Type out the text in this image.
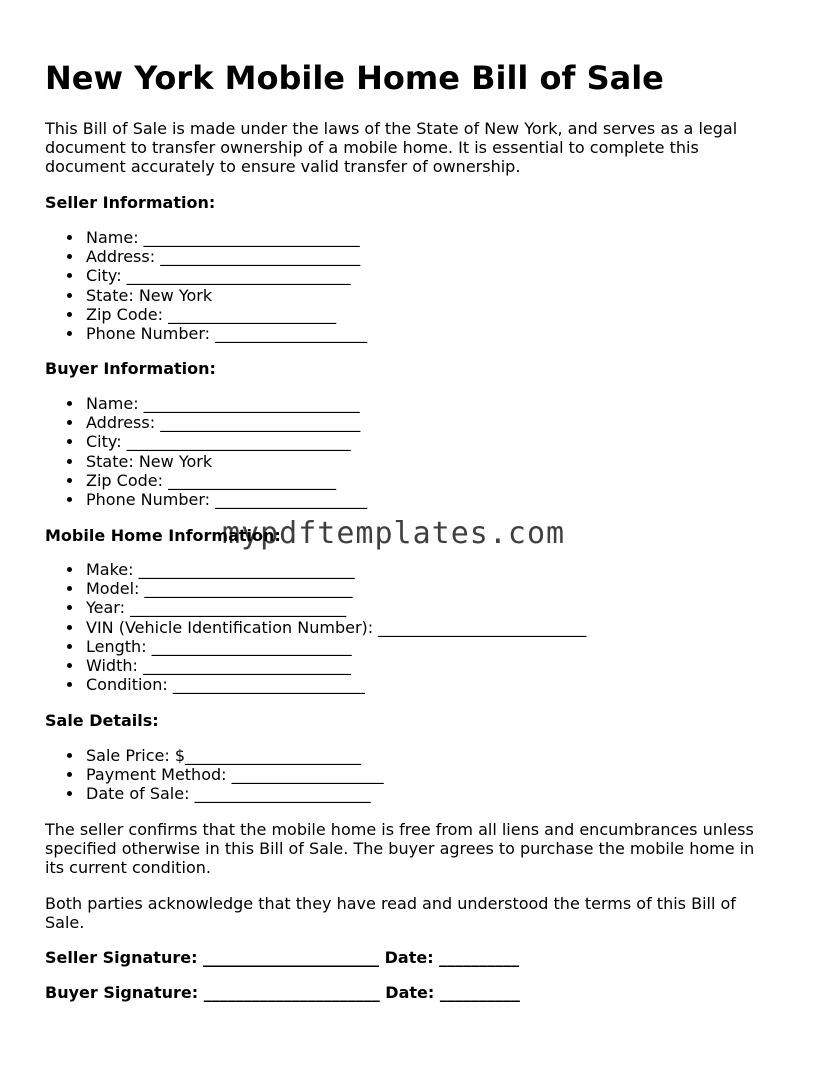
New York Mobile Home Bill of Sale

This Bill of Sale is made under the laws of the State of New York, and serves as a legal document to transfer ownership of a mobile home. It is essential to complete this document accurately to ensure valid transfer of ownership.

Seller Information:

Name: ___________________________
Address: _________________________
City: ____________________________
State: New York
Zip Code: _____________________
Phone Number: ___________________

Buyer Information:

Name: ___________________________
Address: _________________________
City: ____________________________
State: New York
Zip Code: _____________________
Phone Number: ___________________

Mobile Home Information:

Make: ___________________________
Model: __________________________
Year: ___________________________
VIN (Vehicle Identification Number): __________________________
Length: _________________________
Width: __________________________
Condition: ________________________

Sale Details:

Sale Price: $______________________
Payment Method: ___________________
Date of Sale: ______________________

The seller confirms that the mobile home is free from all liens and encumbrances unless specified otherwise in this Bill of Sale. The buyer agrees to purchase the mobile home in its current condition.

Both parties acknowledge that they have read and understood the terms of this Bill of Sale.

Seller Signature: ______________________ Date: __________

Buyer Signature: ______________________ Date: __________

mypdftemplates.com
